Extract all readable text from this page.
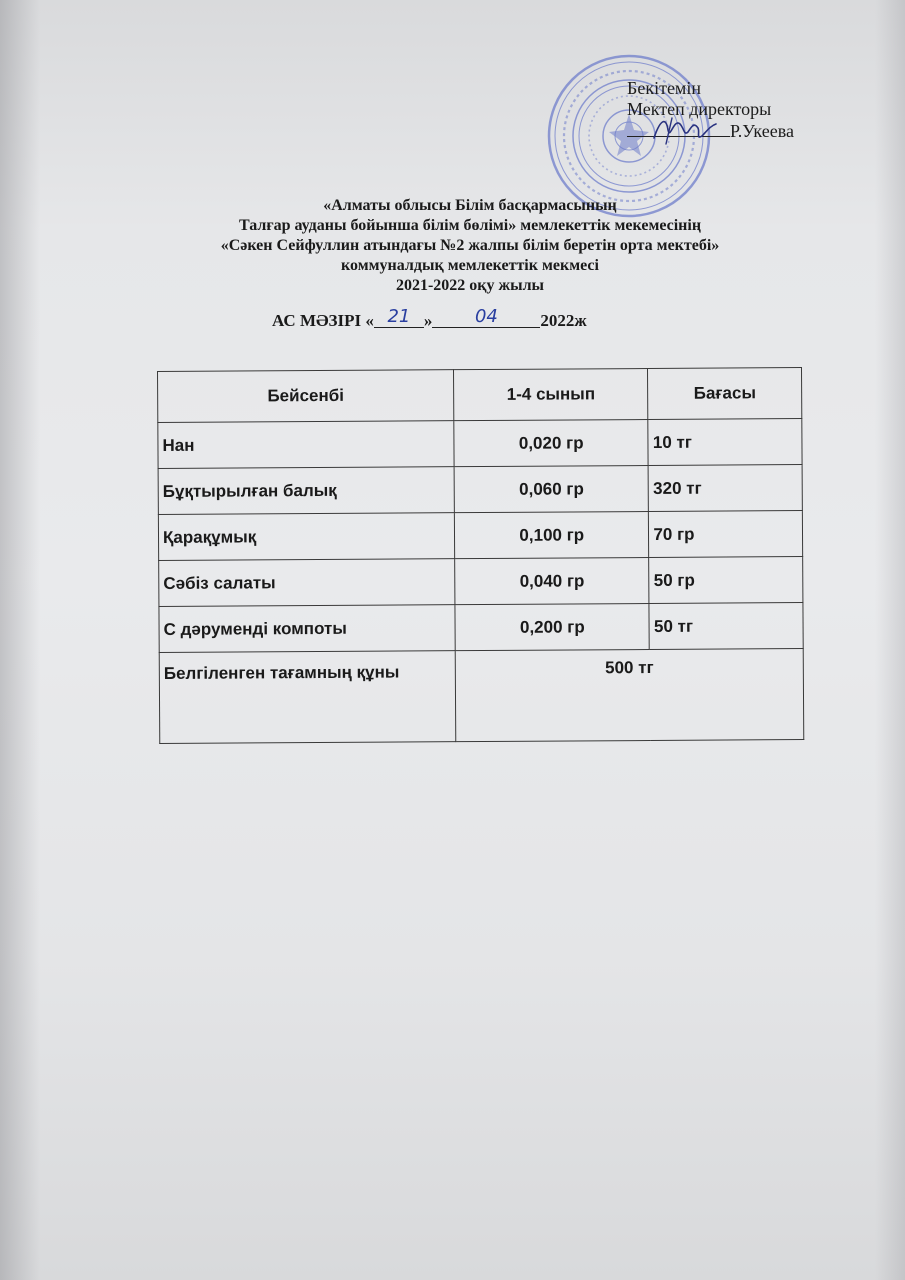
Бекітемін
Мектеп директоры
Р.Укеева
«Алматы облысы Білім басқармасының
Талғар ауданы бойынша білім бөлімі» мемлекеттік мекемесінің
«Сәкен Сейфуллин атындағы №2 жалпы білім беретін орта мектебі»
коммуналдық мемлекеттік мекмесі
2021-2022 оқу жылы
АС МӘЗІРІ « 21 » 04	2022ж
Бейсенбі	1-4 сынып	Бағасы
Нан	0,020 гр	10 тг
Бұқтырылған балық	0,060 гр	320 тг
Қарақұмық	0,100 гр	70 гр
Сәбіз салаты	0,040 гр	50 гр
С дәруменді компоты	0,200 гр	50 тг
Белгіленген тағамның құны	500 тг	
